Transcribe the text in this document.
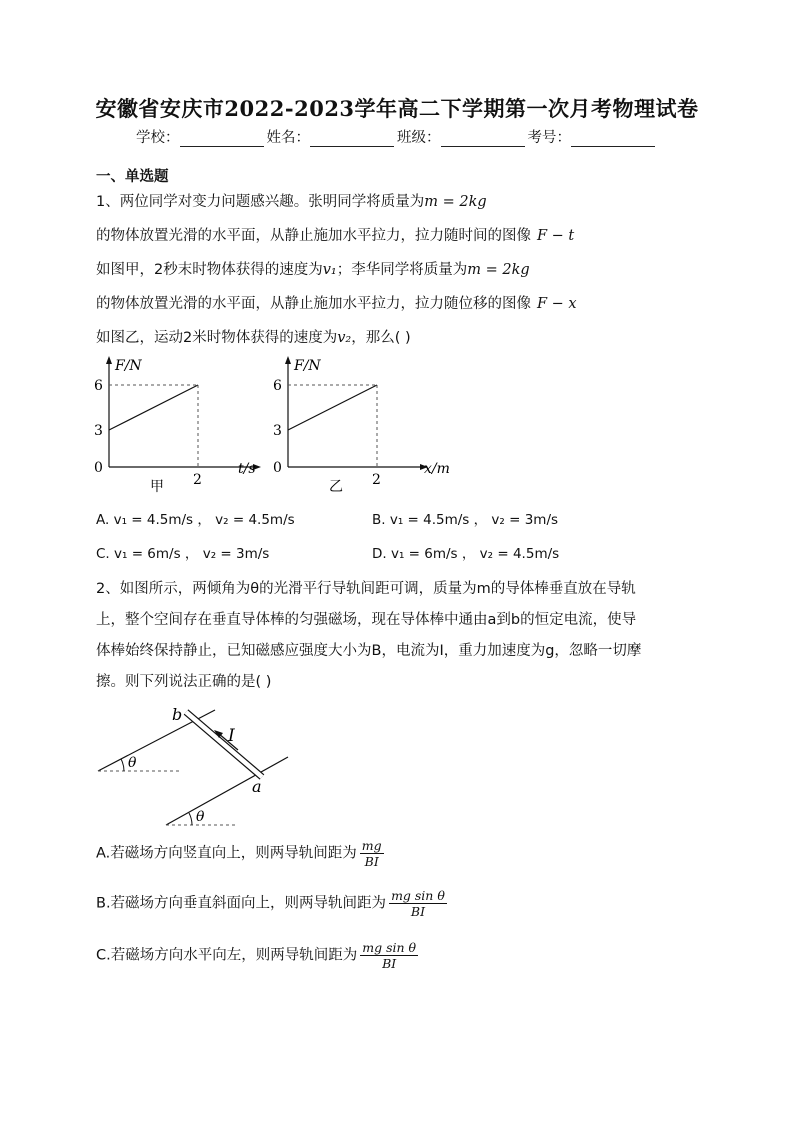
安徽省安庆市2022-2023学年高二下学期第一次月考物理试卷
学校：	姓名：	班级：	考号：
一、单选题
1、两位同学对变力问题感兴趣。张明同学将质量为m = 2kg
的物体放置光滑的水平面，从静止施加水平拉力，拉力随时间的图像 F − t
如图甲，2秒末时物体获得的速度为v₁；李华同学将质量为m = 2kg
的物体放置光滑的水平面，从静止施加水平拉力，拉力随位移的图像 F − x
如图乙，运动2米时物体获得的速度为v₂，那么( )
F/N
6
3
0
2
t/s
甲
F/N
6
3
0
2
x/m
乙
A. v₁ = 4.5m/s ， v₂ = 4.5m/s	B. v₁ = 4.5m/s ， v₂ = 3m/s
C. v₁ = 6m/s ， v₂ = 3m/s	D. v₁ = 6m/s ， v₂ = 4.5m/s
2、如图所示，两倾角为θ的光滑平行导轨间距可调，质量为m的导体棒垂直放在导轨
上，整个空间存在垂直导体棒的匀强磁场，现在导体棒中通由a到b的恒定电流，使导
体棒始终保持静止，已知磁感应强度大小为B，电流为I，重力加速度为g，忽略一切摩
擦。则下列说法正确的是( )
b
I
a
θ
θ
A.若磁场方向竖直向上，则两导轨间距为 $\frac{mg}{BI}$
B.若磁场方向垂直斜面向上，则两导轨间距为 $\frac{\text{mg sin θ}}{BI}$
C.若磁场方向水平向左，则两导轨间距为 $\frac{\text{mg sin θ}}{BI}$
